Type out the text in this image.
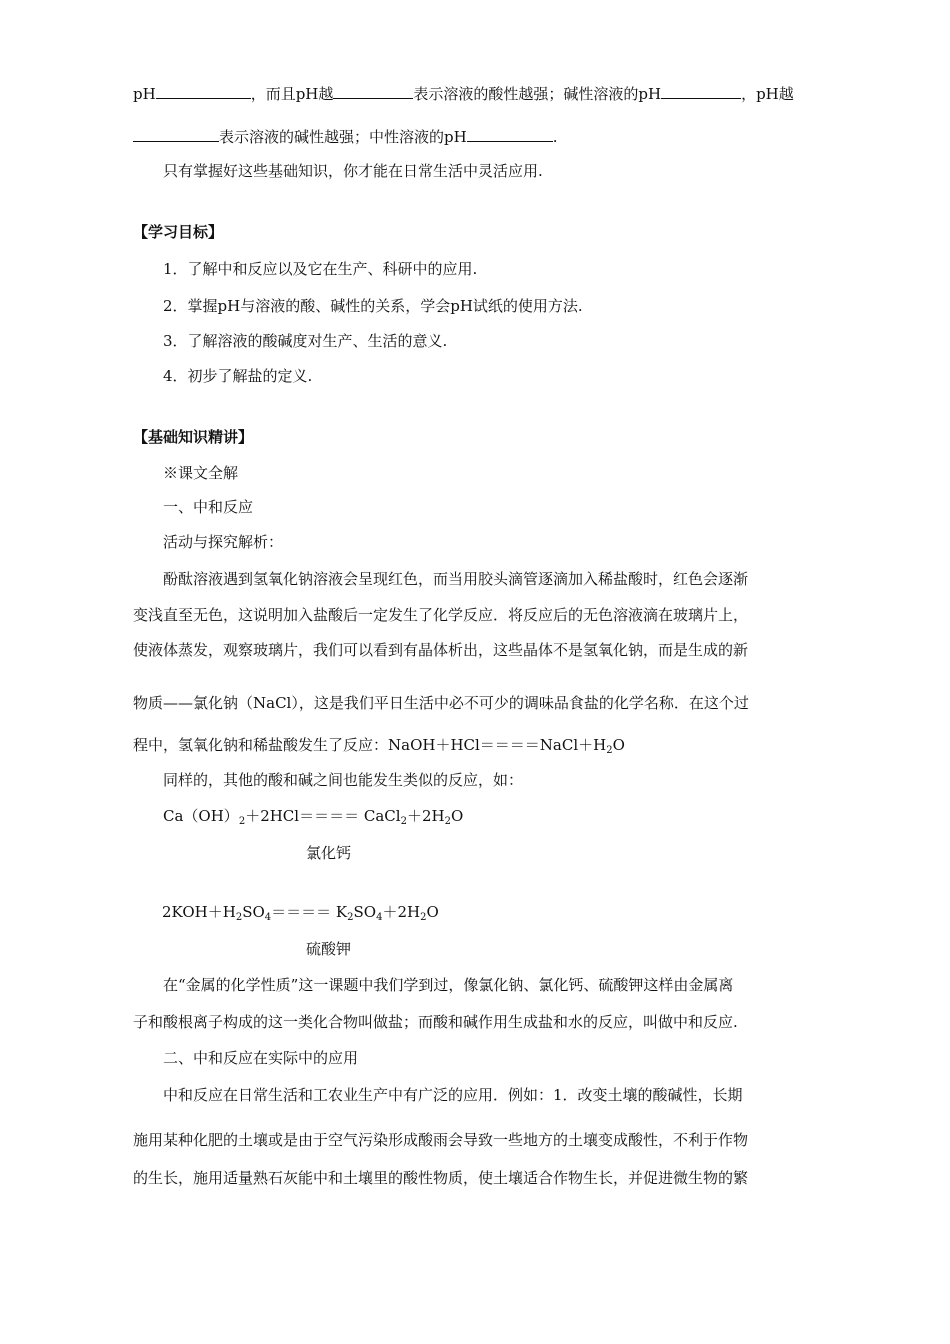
pH	，而且pH越	表示溶液的酸性越强；碱性溶液的pH	，pH越
表示溶液的碱性越强；中性溶液的pH	.
只有掌握好这些基础知识，你才能在日常生活中灵活应用.
【学习目标】
1．了解中和反应以及它在生产、科研中的应用.
2．掌握pH与溶液的酸、碱性的关系，学会pH试纸的使用方法.
3．了解溶液的酸碱度对生产、生活的意义.
4．初步了解盐的定义.
【基础知识精讲】
※课文全解
一、中和反应
活动与探究解析：
酚酞溶液遇到氢氧化钠溶液会呈现红色，而当用胶头滴管逐滴加入稀盐酸时，红色会逐渐
变浅直至无色，这说明加入盐酸后一定发生了化学反应．将反应后的无色溶液滴在玻璃片上，
使液体蒸发，观察玻璃片，我们可以看到有晶体析出，这些晶体不是氢氧化钠，而是生成的新
物质——氯化钠（NaCl），这是我们平日生活中必不可少的调味品食盐的化学名称．在这个过
程中，氢氧化钠和稀盐酸发生了反应：$NaOH+HCl====NaCl+H_2O$
同样的，其他的酸和碱之间也能发生类似的反应，如：
$Ca(OH)_2+2HCl====$ $CaCl_2+2H_2O$
氯化钙
$2KOH+H_2SO_4==== K_2SO_4+2H_2O$
硫酸钾
在“金属的化学性质”这一课题中我们学到过，像氯化钠、氯化钙、硫酸钾这样由金属离
子和酸根离子构成的这一类化合物叫做盐；而酸和碱作用生成盐和水的反应，叫做中和反应.
二、中和反应在实际中的应用
中和反应在日常生活和工农业生产中有广泛的应用．例如：1．改变土壤的酸碱性，长期
施用某种化肥的土壤或是由于空气污染形成酸雨会导致一些地方的土壤变成酸性，不利于作物
的生长，施用适量熟石灰能中和土壤里的酸性物质，使土壤适合作物生长，并促进微生物的繁
